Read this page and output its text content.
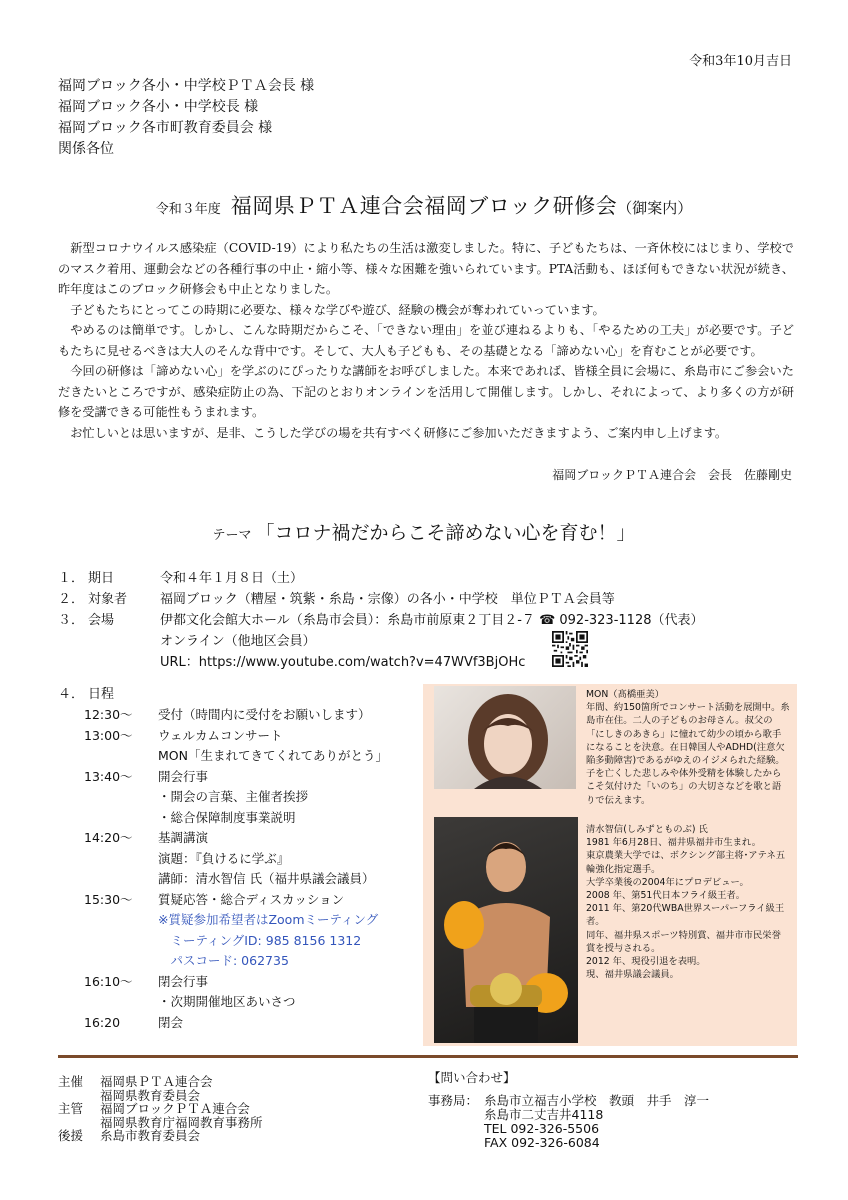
令和3年10月吉日
福岡ブロック各小・中学校ＰＴＡ会長 様
福岡ブロック各小・中学校長 様
福岡ブロック各市町教育委員会 様
関係各位
令和３年度 福岡県ＰＴＡ連合会福岡ブロック研修会（御案内）

新型コロナウイルス感染症（COVID-19）により私たちの生活は激変しました。特に、子どもたちは、一斉休校にはじまり、学校でのマスク着用、運動会などの各種行事の中止・縮小等、様々な困難を強いられています。PTA活動も、ほぼ何もできない状況が続き、昨年度はこのブロック研修会も中止となりました。

子どもたちにとってこの時期に必要な、様々な学びや遊び、経験の機会が奪われていっています。

やめるのは簡単です。しかし、こんな時期だからこそ、「できない理由」を並び連ねるよりも、「やるための工夫」が必要です。子どもたちに見せるべきは大人のそんな背中です。そして、大人も子どもも、その基礎となる「諦めない心」を育むことが必要です。

今回の研修は「諦めない心」を学ぶのにぴったりな講師をお呼びしました。本来であれば、皆様全員に会場に、糸島市にご参会いただきたいところですが、感染症防止の為、下記のとおりオンラインを活用して開催します。しかし、それによって、より多くの方が研修を受講できる可能性もうまれます。

お忙しいとは思いますが、是非、こうした学びの場を共有すべく研修にご参加いただきますよう、ご案内申し上げます。

福岡ブロックＰＴＡ連合会　会長　佐藤剛史
テーマ 「コロナ禍だからこそ諦めない心を育む！」
１． 期日	令和４年１月８日（土）
２． 対象者	福岡ブロック（糟屋・筑紫・糸島・宗像）の各小・中学校　単位ＰＴＡ会員等
３． 会場	伊都文化会館大ホール（糸島市会員）：糸島市前原東２丁目２-７ ☎ 092-323-1128（代表）
オンライン（他地区会員）
URL：https://www.youtube.com/watch?v=47WVf3BjOHc
４． 日程
12:30〜	受付（時間内に受付をお願いします）
13:00〜	ウェルカムコンサート
MON「生まれてきてくれてありがとう」
13:40〜	開会行事
・開会の言葉、主催者挨拶
・総合保障制度事業説明
14:20〜	基調講演
演題：『負けるに学ぶ』
講師：清水智信 氏（福井県議会議員）
15:30〜	質疑応答・総合ディスカッション
※質疑参加希望者はZoomミーティング
　ミーティングID: 985 8156 1312
　パスコード: 062735
16:10〜	閉会行事
・次期開催地区あいさつ
16:20	閉会
MON（髙橋亜美）
年間、約150箇所でコンサート活動を展開中。糸島市在住。二人の子どものお母さん。叔父の「にしきのあきら」に憧れて幼少の頃から歌手になることを決意。在日韓国人やADHD(注意欠陥多動障害)であるがゆえのイジメられた経験。子を亡くした悲しみや体外受精を体験したからこそ気付けた「いのち」の大切さなどを歌と語りで伝えます。
清水智信(しみずとものぶ) 氏
1981 年6月28日、福井県福井市生まれ。
東京農業大学では、ボクシング部主将･アテネ五輪強化指定選手。
大学卒業後の2004年にプロデビュー。
2008 年、第51代日本フライ級王者。
2011 年、第20代WBA世界スーパーフライ級王者。
同年、福井県スポーツ特別賞、福井市市民栄誉賞を授与される。
2012 年、現役引退を表明。
現、福井県議会議員。
主催	福岡県ＰＴＡ連合会
福岡県教育委員会
主管	福岡ブロックＰＴＡ連合会
福岡県教育庁福岡教育事務所
後援	糸島市教育委員会
【問い合わせ】
事務局： 糸島市立福吉小学校　教頭　井手　淳一
糸島市二丈吉井4118
TEL 092-326-5506
FAX 092-326-6084
